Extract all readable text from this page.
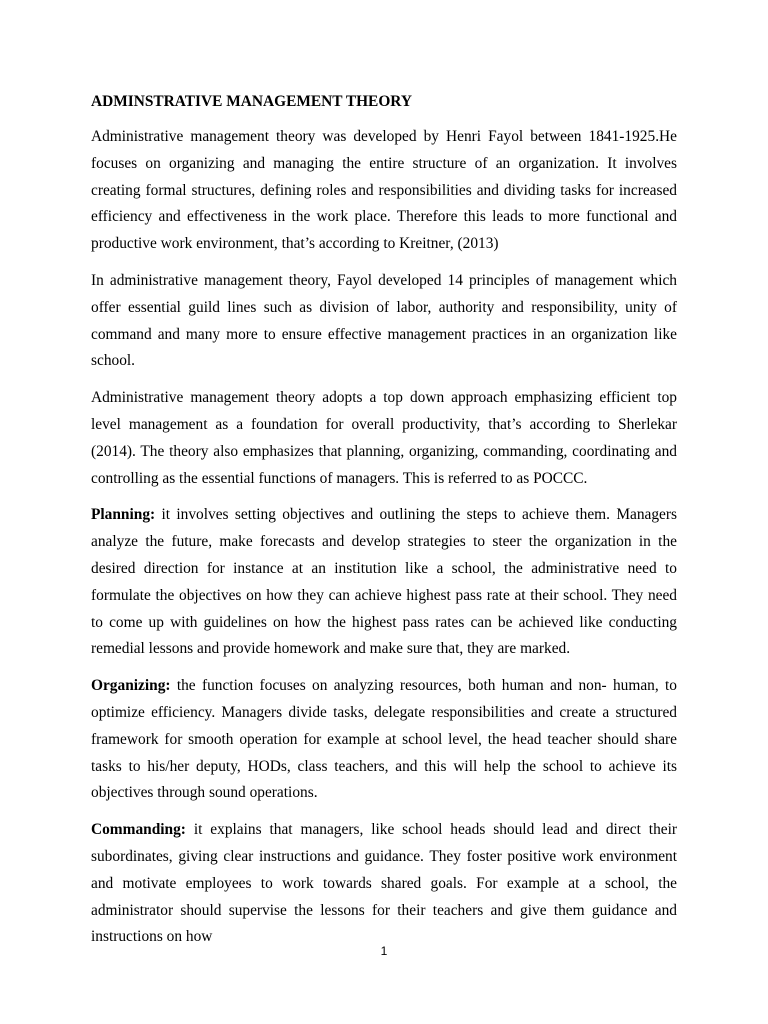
ADMINSTRATIVE MANAGEMENT THEORY

Administrative management theory was developed by Henri Fayol between 1841-1925.He focuses on organizing and managing the entire structure of an organization. It involves creating formal structures, defining roles and responsibilities and dividing tasks for increased efficiency and effectiveness in the work place. Therefore this leads to more functional and productive work environment, that’s according to Kreitner, (2013)

In administrative management theory, Fayol developed 14 principles of management which offer essential guild lines such as division of labor, authority and responsibility, unity of command and many more to ensure effective management practices in an organization like school.

Administrative management theory adopts a top down approach emphasizing efficient top level management as a foundation for overall productivity, that’s according to Sherlekar (2014). The theory also emphasizes that planning, organizing, commanding, coordinating and controlling as the essential functions of managers. This is referred to as POCCC.

Planning: it involves setting objectives and outlining the steps to achieve them. Managers analyze the future, make forecasts and develop strategies to steer the organization in the desired direction for instance at an institution like a school, the administrative need to formulate the objectives on how they can achieve highest pass rate at their school. They need to come up with guidelines on how the highest pass rates can be achieved like conducting remedial lessons and provide homework and make sure that, they are marked.

Organizing: the function focuses on analyzing resources, both human and non- human, to optimize efficiency. Managers divide tasks, delegate responsibilities and create a structured framework for smooth operation for example at school level, the head teacher should share tasks to his/her deputy, HODs, class teachers, and this will help the school to achieve its objectives through sound operations.

Commanding: it explains that managers, like school heads should lead and direct their subordinates, giving clear instructions and guidance. They foster positive work environment and motivate employees to work towards shared goals. For example at a school, the administrator should supervise the lessons for their teachers and give them guidance and instructions on how

1
